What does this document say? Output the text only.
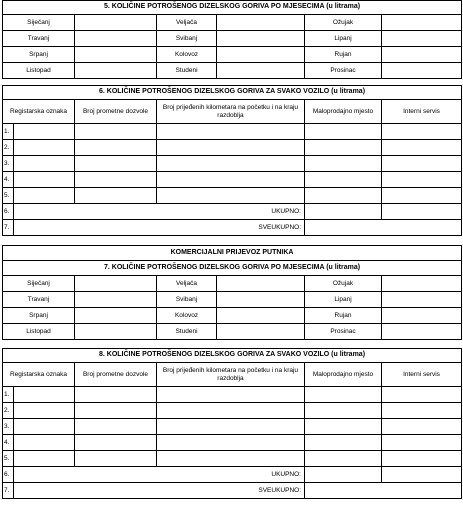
5. KOLIČINE POTROŠENOG DIZELSKOG GORIVA PO MJESECIMA (u litrama)					
Siječanj		Veljača		Ožujak	
Travanj		Svibanj		Lipanj	
Srpanj		Kolovoz		Rujan	
Listopad		Studeni		Prosinac	
6. KOLIČINE POTROŠENOG DIZELSKOG GORIVA ZA SVAKO VOZILO (u litrama)					
Registarska oznaka		Broj prometne dozvole	Broj prijeđenih kilometara na početku i na kraju razdoblja	Maloprodajno mjesto	Interni servis
1.					
2.					
3.					
4.					
5.					
6.	UKUPNO:				
7.	SVEUKUPNO:				
KOMERCIJALNI PRIJEVOZ PUTNIKA					
7. KOLIČINE POTROŠENOG DIZELSKOG GORIVA PO MJESECIMA (u litrama)					
Siječanj		Veljača		Ožujak	
Travanj		Svibanj		Lipanj	
Srpanj		Kolovoz		Rujan	
Listopad		Studeni		Prosinac	
8. KOLIČINE POTROŠENOG DIZELSKOG GORIVA ZA SVAKO VOZILO (u litrama)					
Registarska oznaka		Broj prometne dozvole	Broj prijeđenih kilometara na početku i na kraju razdoblja	Maloprodajno mjesto	Interni servis
1.					
2.					
3.					
4.					
5.					
6.	UKUPNO:				
7.	SVEUKUPNO:				
